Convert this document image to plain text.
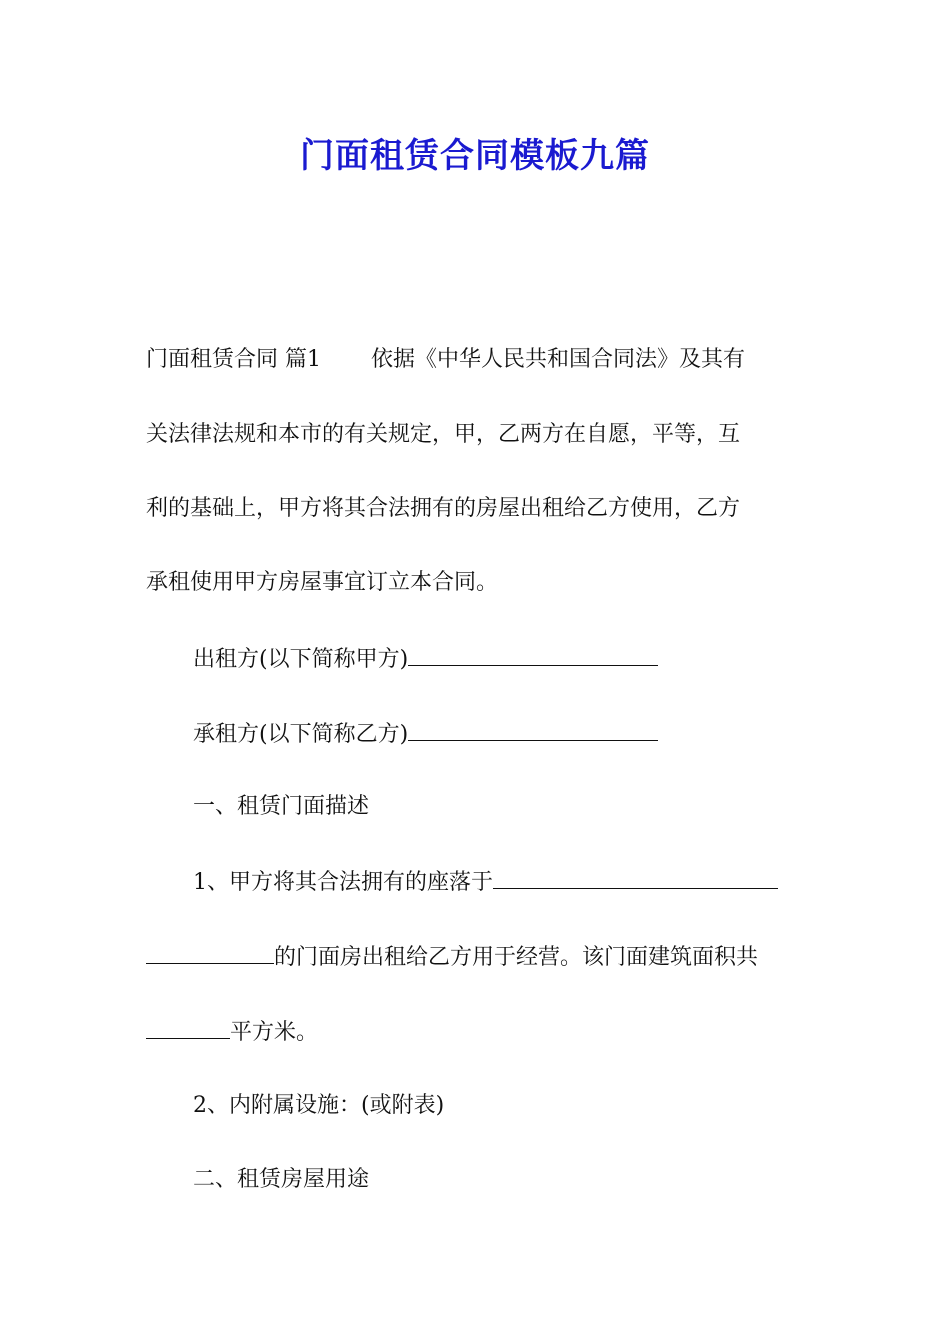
门面租赁合同模板九篇
门面租赁合同 篇1 依据《中华人民共和国合同法》及其有
关法律法规和本市的有关规定，甲，乙两方在自愿，平等，互
利的基础上，甲方将其合法拥有的房屋出租给乙方使用，乙方
承租使用甲方房屋事宜订立本合同。
出租方(以下简称甲方)
承租方(以下简称乙方)
一、租赁门面描述
1、甲方将其合法拥有的座落于
的门面房出租给乙方用于经营。该门面建筑面积共
平方米。
2、内附属设施：(或附表)
二、租赁房屋用途
